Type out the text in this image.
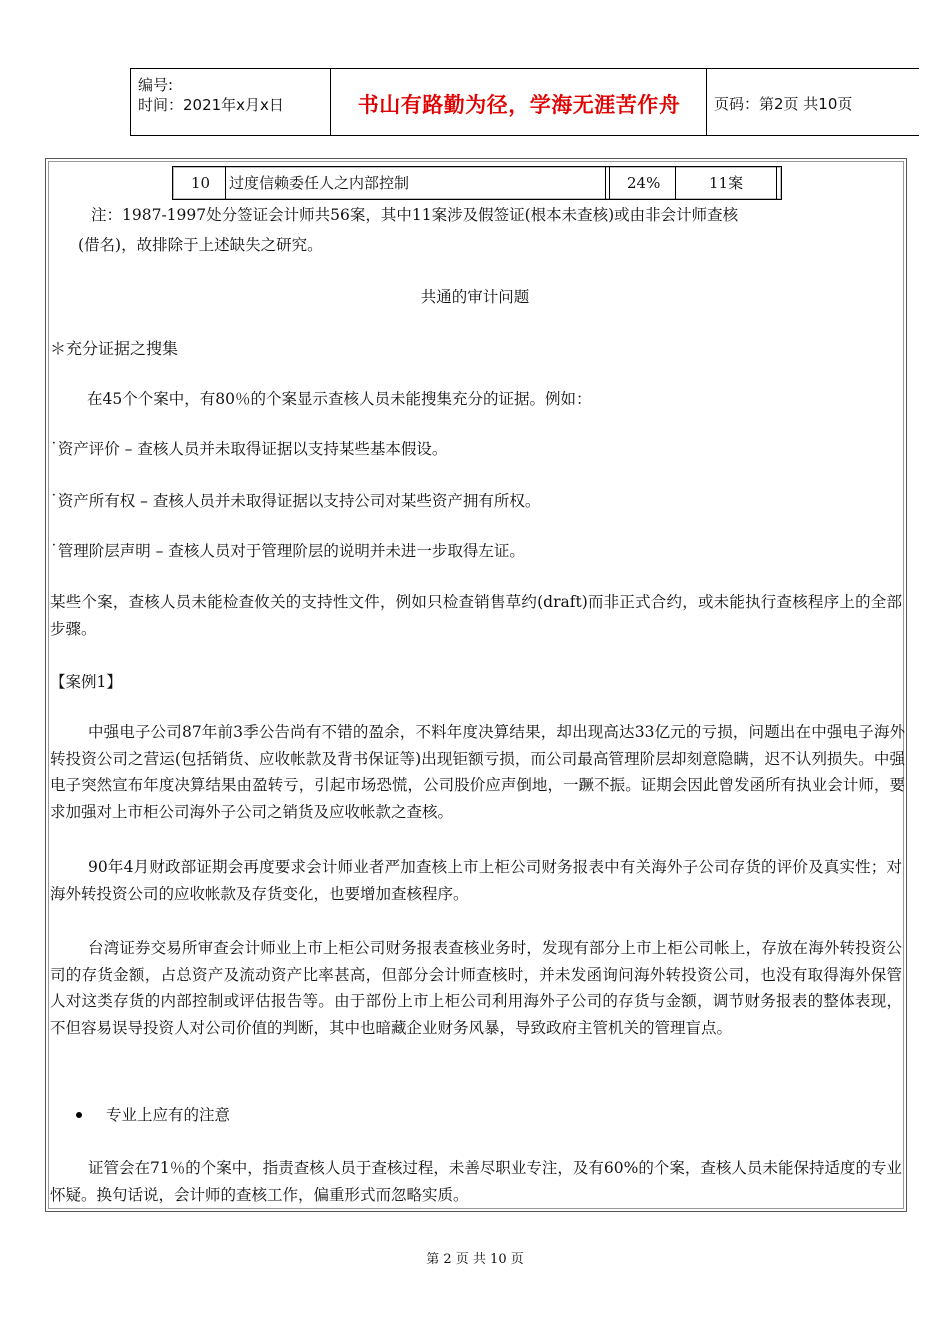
编号:
时间：2021年x月x日	书山有路勤为径，学海无涯苦作舟	页码：第2页 共10页
10 过度信赖委任人之内部控制	24%	11案
注：1987-1997处分签证会计师共56案，其中11案涉及假签证(根本未查核)或由非会计师查核
(借名)，故排除于上述缺失之研究。
共通的审计问题
＊充分证据之搜集
在45个个案中，有80％的个案显示查核人员未能搜集充分的证据。例如：
˙资产评价 – 查核人员并未取得证据以支持某些基本假设。
˙资产所有权 – 查核人员并未取得证据以支持公司对某些资产拥有所权。
˙管理阶层声明 – 查核人员对于管理阶层的说明并未进一步取得左证。
某些个案，查核人员未能检查攸关的支持性文件，例如只检查销售草约(draft)而非正式合约，或未能执行查核程序上的全部步骤。
【案例1】
中强电子公司87年前3季公告尚有不错的盈余，不料年度决算结果，却出现高达33亿元的亏损，问题出在中强电子海外转投资公司之营运(包括销货、应收帐款及背书保证等)出现钜额亏损，而公司最高管理阶层却刻意隐瞒，迟不认列损失。中强电子突然宣布年度决算结果由盈转亏，引起市场恐慌，公司股价应声倒地，一蹶不振。证期会因此曾发函所有执业会计师，要求加强对上市柜公司海外子公司之销货及应收帐款之查核。
90年4月财政部证期会再度要求会计师业者严加查核上市上柜公司财务报表中有关海外子公司存货的评价及真实性；对海外转投资公司的应收帐款及存货变化，也要增加查核程序。
台湾证券交易所审查会计师业上市上柜公司财务报表查核业务时，发现有部分上市上柜公司帐上，存放在海外转投资公司的存货金额，占总资产及流动资产比率甚高，但部分会计师查核时，并未发函询问海外转投资公司，也没有取得海外保管人对这类存货的内部控制或评估报告等。由于部份上市上柜公司利用海外子公司的存货与金额，调节财务报表的整体表现，不但容易误导投资人对公司价值的判断，其中也暗藏企业财务风暴，导致政府主管机关的管理盲点。
专业上应有的注意
证管会在71％的个案中，指责查核人员于查核过程，未善尽职业专注，及有60%的个案，查核人员未能保持适度的专业怀疑。换句话说，会计师的查核工作，偏重形式而忽略实质。
第 2 页 共 10 页
